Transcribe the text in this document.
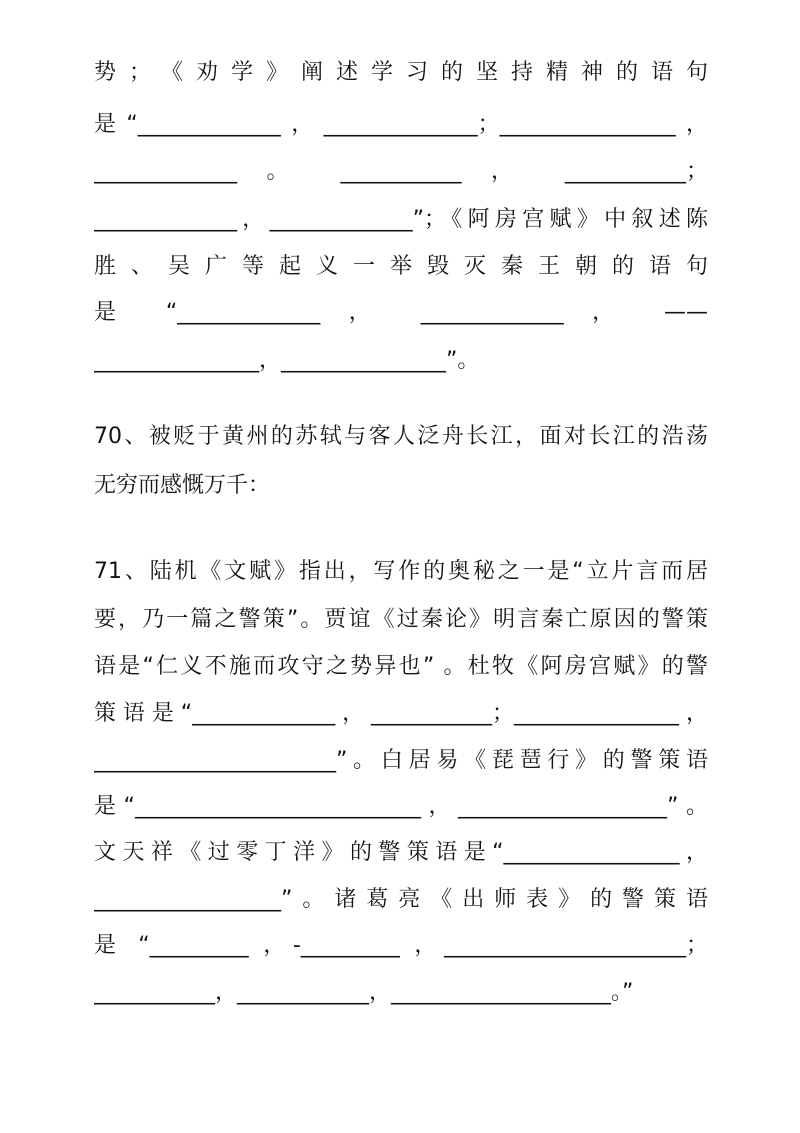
势 ； 《 劝 学 》 阐 述 学 习 的 坚 持 精 神 的 语 句

是“_____________，______________；________________，

_____________ 。 ___________ ， ___________；

_____________，_____________”；《阿房宫赋》中叙述陈

胜 、 吴 广 等 起 义 一 举 毁 灭 秦 王 朝 的 语 句

是 “_____________ ， _____________ ， ——

_______________，_______________”。

70、被贬于黄州的苏轼与客人泛舟长江，面对长江的浩荡

无穷而感慨万千：

71、陆机《文赋》指出，写作的奥秘之一是“立片言而居

要，乃一篇之警策”。贾谊《过秦论》明言秦亡原因的警策

语是“仁义不施而攻守之势异也” 。杜牧《阿房宫赋》的警

策语是“_____________，___________；_______________，

______________________”。白居易《琵琶行》的警策语

是“__________________________，___________________”。

文天祥《过零丁洋》的警策语是“________________，

_________________”。诸葛亮《出师表》的警策语

是 “_________ ，-_________ ，______________________；

___________，____________，____________________。”
